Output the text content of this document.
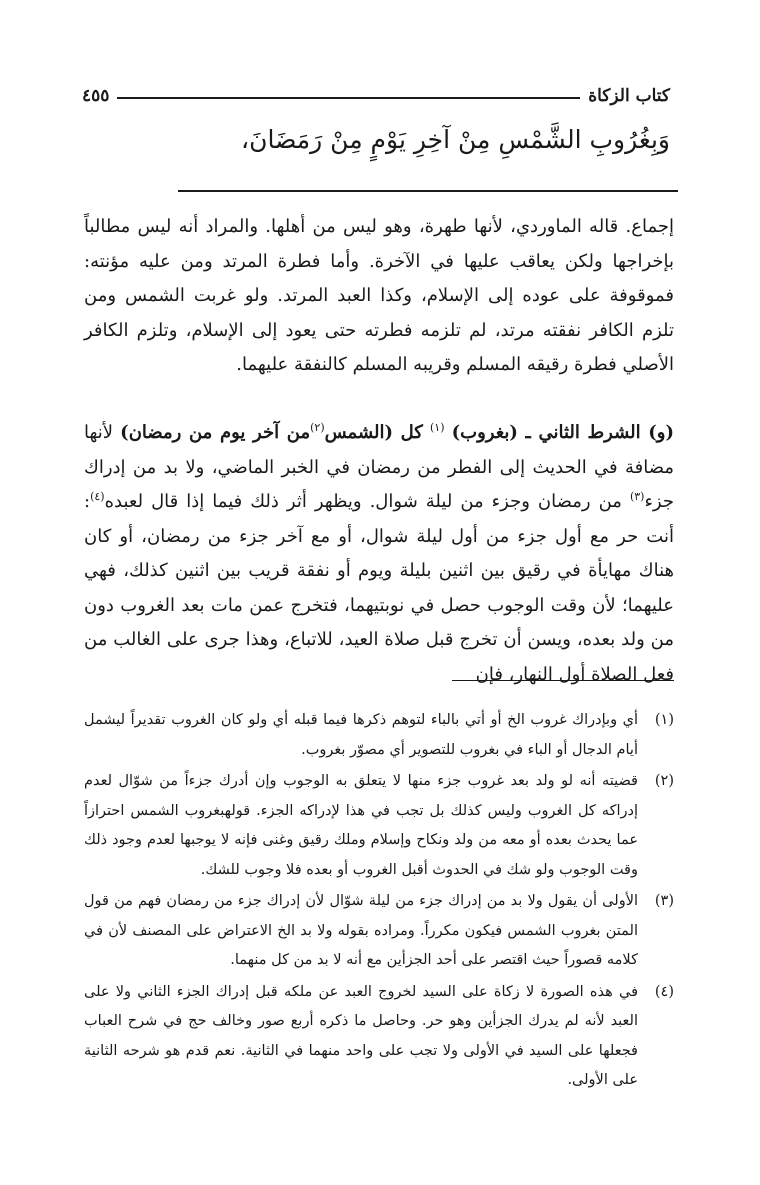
كتاب الزكاة
٤٥٥
وَبِغُرُوبِ الشَّمْسِ مِنْ آخِرِ يَوْمٍ مِنْ رَمَضَانَ،

إجماع. قاله الماوردي، لأنها طهرة، وهو ليس من أهلها. والمراد أنه ليس مطالباً بإخراجها ولكن يعاقب عليها في الآخرة. وأما فطرة المرتد ومن عليه مؤنته: فموقوفة على عوده إلى الإسلام، وكذا العبد المرتد. ولو غربت الشمس ومن تلزم الكافر نفقته مرتد، لم تلزمه فطرته حتى يعود إلى الإسلام، وتلزم الكافر الأصلي فطرة رقيقه المسلم وقريبه المسلم كالنفقة عليهما.

(و) الشرط الثاني ـ (بغروب) $^{(١)}$ كل (الشمس$^{(٢)}$من آخر يوم من رمضان) لأنها مضافة في الحديث إلى الفطر من رمضان في الخبر الماضي، ولا بد من إدراك جزء$^{(٣)}$ من رمضان وجزء من ليلة شوال. ويظهر أثر ذلك فيما إذا قال لعبده$^{(٤)}$: أنت حر مع أول جزء من أول ليلة شوال، أو مع آخر جزء من رمضان، أو كان هناك مهايأة في رقيق بين اثنين بليلة ويوم أو نفقة قريب بين اثنين كذلك، فهي عليهما؛ لأن وقت الوجوب حصل في نوبتيهما، فتخرج عمن مات بعد الغروب دون من ولد بعده، ويسن أن تخرج قبل صلاة العيد، للاتباع، وهذا جرى على الغالب من فعل الصلاة أول النهار، فإن

(١)
أي وبإدراك غروب الخ أو أتي بالباء لتوهم ذكرها فيما قبله أي ولو كان الغروب تقديراً ليشمل أيام الدجال أو الباء في بغروب للتصوير أي مصوّر بغروب.
(٢)
قضيته أنه لو ولد بعد غروب جزء منها لا يتعلق به الوجوب وإن أدرك جزءاً من شوّال لعدم إدراكه كل الغروب وليس كذلك بل تجب في هذا لإدراكه الجزء. قولهبغروب الشمس احترازاً عما يحدث بعده أو معه من ولد ونكاح وإسلام وملك رقيق وغنى فإنه لا يوجبها لعدم وجود ذلك وقت الوجوب ولو شك في الحدوث أقبل الغروب أو بعده فلا وجوب للشك.
(٣)
الأولى أن يقول ولا بد من إدراك جزء من ليلة شوّال لأن إدراك جزء من رمضان فهم من قول المتن بغروب الشمس فيكون مكرراً. ومراده بقوله ولا بد الخ الاعتراض على المصنف لأن في كلامه قصوراً حيث اقتصر على أحد الجزأين مع أنه لا بد من كل منهما.
(٤)
في هذه الصورة لا زكاة على السيد لخروج العبد عن ملكه قبل إدراك الجزء الثاني ولا على العبد لأنه لم يدرك الجزأين وهو حر. وحاصل ما ذكره أربع صور وخالف حج في شرح العباب فجعلها على السيد في الأولى ولا تجب على واحد منهما في الثانية. نعم قدم هو شرحه الثانية على الأولى.
